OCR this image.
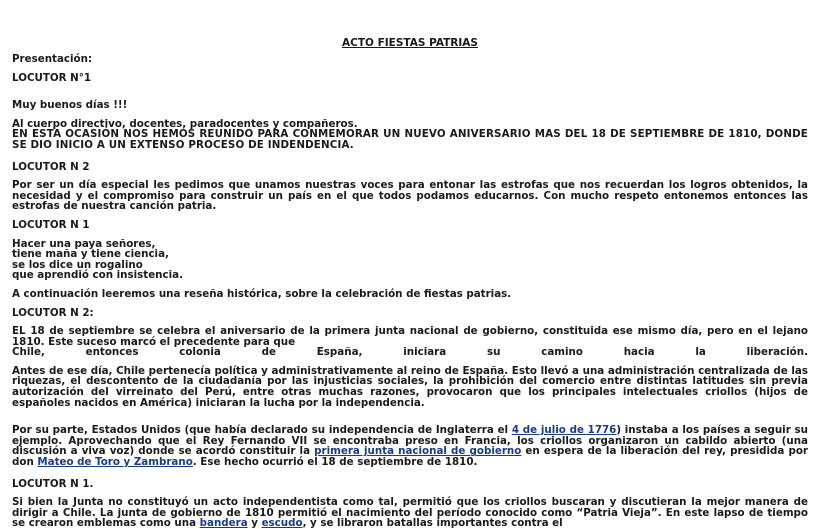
ACTO FIESTAS PATRIAS

Presentación:

LOCUTOR N°1

Muy buenos días !!!

Al cuerpo directivo, docentes, paradocentes y compañeros.

EN ESTA OCASIÓN NOS HEMOS REUNIDO PARA CONMEMORAR UN NUEVO ANIVERSARIO MAS DEL 18 DE SEPTIEMBRE DE 1810, DONDE SE DIO INICIO A UN EXTENSO PROCESO DE INDENDENCIA.

LOCUTOR N 2

Por ser un día especial les pedimos que unamos nuestras voces para entonar las estrofas que nos recuerdan los logros obtenidos, la necesidad y el compromiso para construir un país en el que todos podamos educarnos. Con mucho respeto entonemos entonces las estrofas de nuestra canción patria.

LOCUTOR N 1

Hacer una paya señores,

tiene maña y tiene ciencia,

se los dice un rogalino

que aprendió con insistencia.

A continuación leeremos una reseña histórica, sobre la celebración de fiestas patrias.

LOCUTOR N 2:

EL 18 de septiembre se celebra el aniversario de la primera junta nacional de gobierno, constituida ese mismo día, pero en el lejano 1810. Este suceso marcó el precedente para que

Chile, entonces colonia de España, iniciara su camino hacia la liberación.

Antes de ese día, Chile pertenecía política y administrativamente al reino de España. Esto llevó a una administración centralizada de las riquezas, el descontento de la ciudadanía por las injusticias sociales, la prohibición del comercio entre distintas latitudes sin previa autorización del virreinato del Perú, entre otras muchas razones, provocaron que los principales intelectuales criollos (hijos de españoles nacidos en América) iniciaran la lucha por la independencia.

Por su parte, Estados Unidos (que había declarado su independencia de Inglaterra el 4 de julio de 1776) instaba a los países a seguir su ejemplo. Aprovechando que el Rey Fernando VII se encontraba preso en Francia, los criollos organizaron un cabildo abierto (una discusión a viva voz) donde se acordó constituir la primera junta nacional de gobierno en espera de la liberación del rey, presidida por don Mateo de Toro y Zambrano. Ese hecho ocurrió el 18 de septiembre de 1810.

LOCUTOR N 1.

Si bien la Junta no constituyó un acto independentista como tal, permitió que los criollos buscaran y discutieran la mejor manera de dirigir a Chile. La junta de gobierno de 1810 permitió el nacimiento del período conocido como “Patria Vieja”. En este lapso de tiempo se crearon emblemas como una bandera y escudo, y se libraron batallas importantes contra el
